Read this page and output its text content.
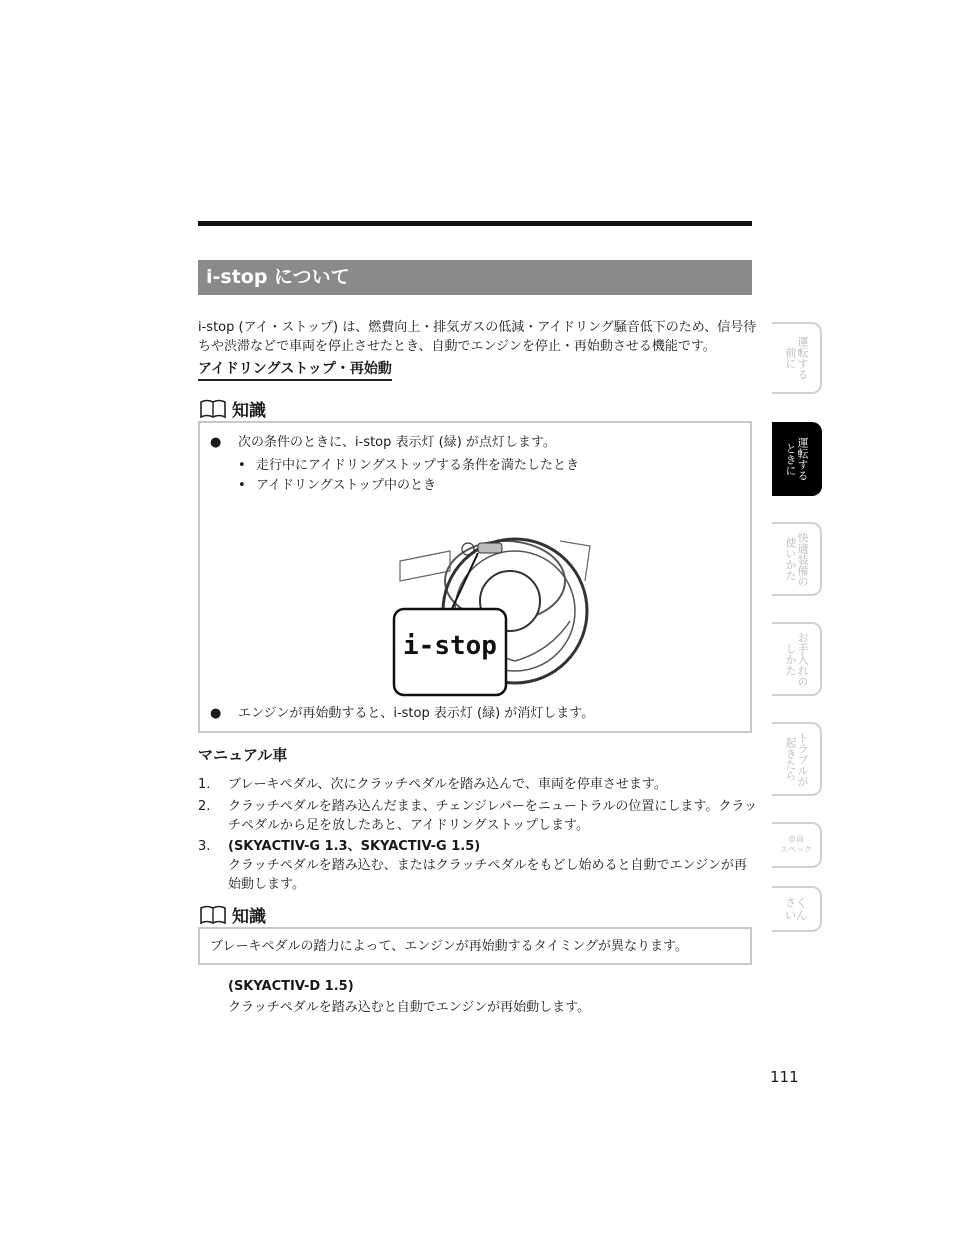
i-stop について
i-stop (アイ・ストップ) は、燃費向上・排気ガスの低減・アイドリング騒音低下のため、信号待ちや渋滞などで車両を停止させたとき、自動でエンジンを停止・再始動させる機能です。
アイドリングストップ・再始動
知識
●	次の条件のときに、i-stop 表示灯 (緑) が点灯します。
• 走行中にアイドリングストップする条件を満たしたとき
• アイドリングストップ中のとき
i-stop
●	エンジンが再始動すると、i-stop 表示灯 (緑) が消灯します。
マニュアル車
1.	ブレーキペダル、次にクラッチペダルを踏み込んで、車両を停車させます。
2.	クラッチペダルを踏み込んだまま、チェンジレバーをニュートラルの位置にします。クラッチペダルから足を放したあと、アイドリングストップします。
3.	(SKYACTIV-G 1.3、SKYACTIV-G 1.5)
クラッチペダルを踏み込む、またはクラッチペダルをもどし始めると自動でエンジンが再始動します。
知識
ブレーキペダルの踏力によって、エンジンが再始動するタイミングが異なります。
(SKYACTIV-D 1.5)
クラッチペダルを踏み込むと自動でエンジンが再始動します。
111
運転する
前に
運転する
ときに
快適装備の
使いかた
お手入れの
しかた
トラブルが
起きたら
車両
スペック
さく
いん
